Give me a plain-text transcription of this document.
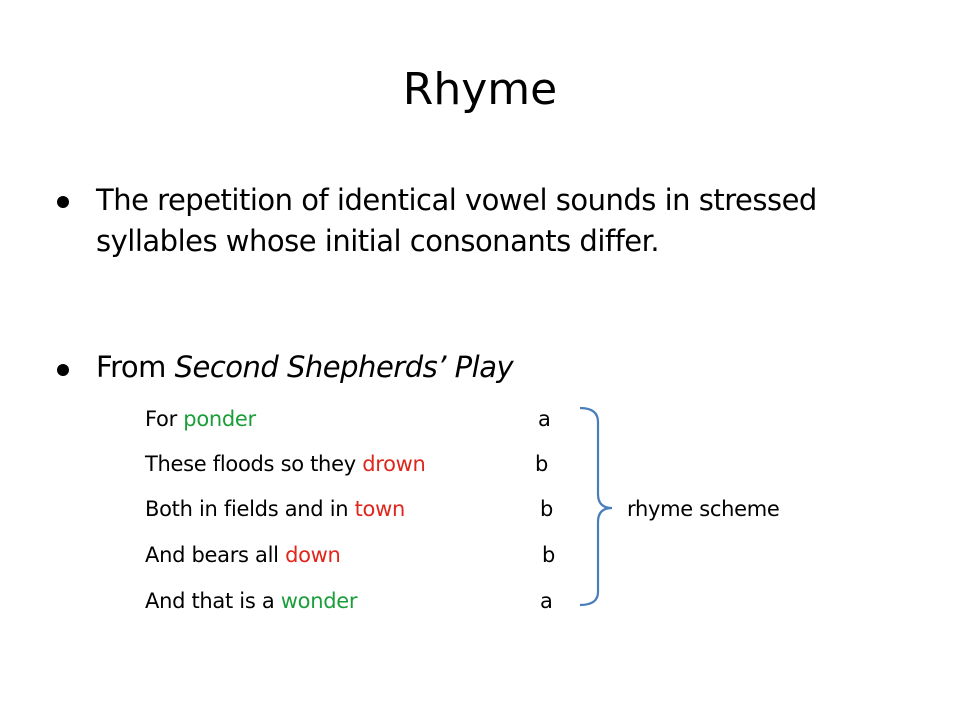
Rhyme
The repetition of identical vowel sounds in stressed syllables whose initial consonants differ.
From Second Shepherds’ Play
For ponder	a
These floods so they drown	b
Both in fields and in town	b
And bears all down	b
And that is a wonder	a
rhyme scheme
